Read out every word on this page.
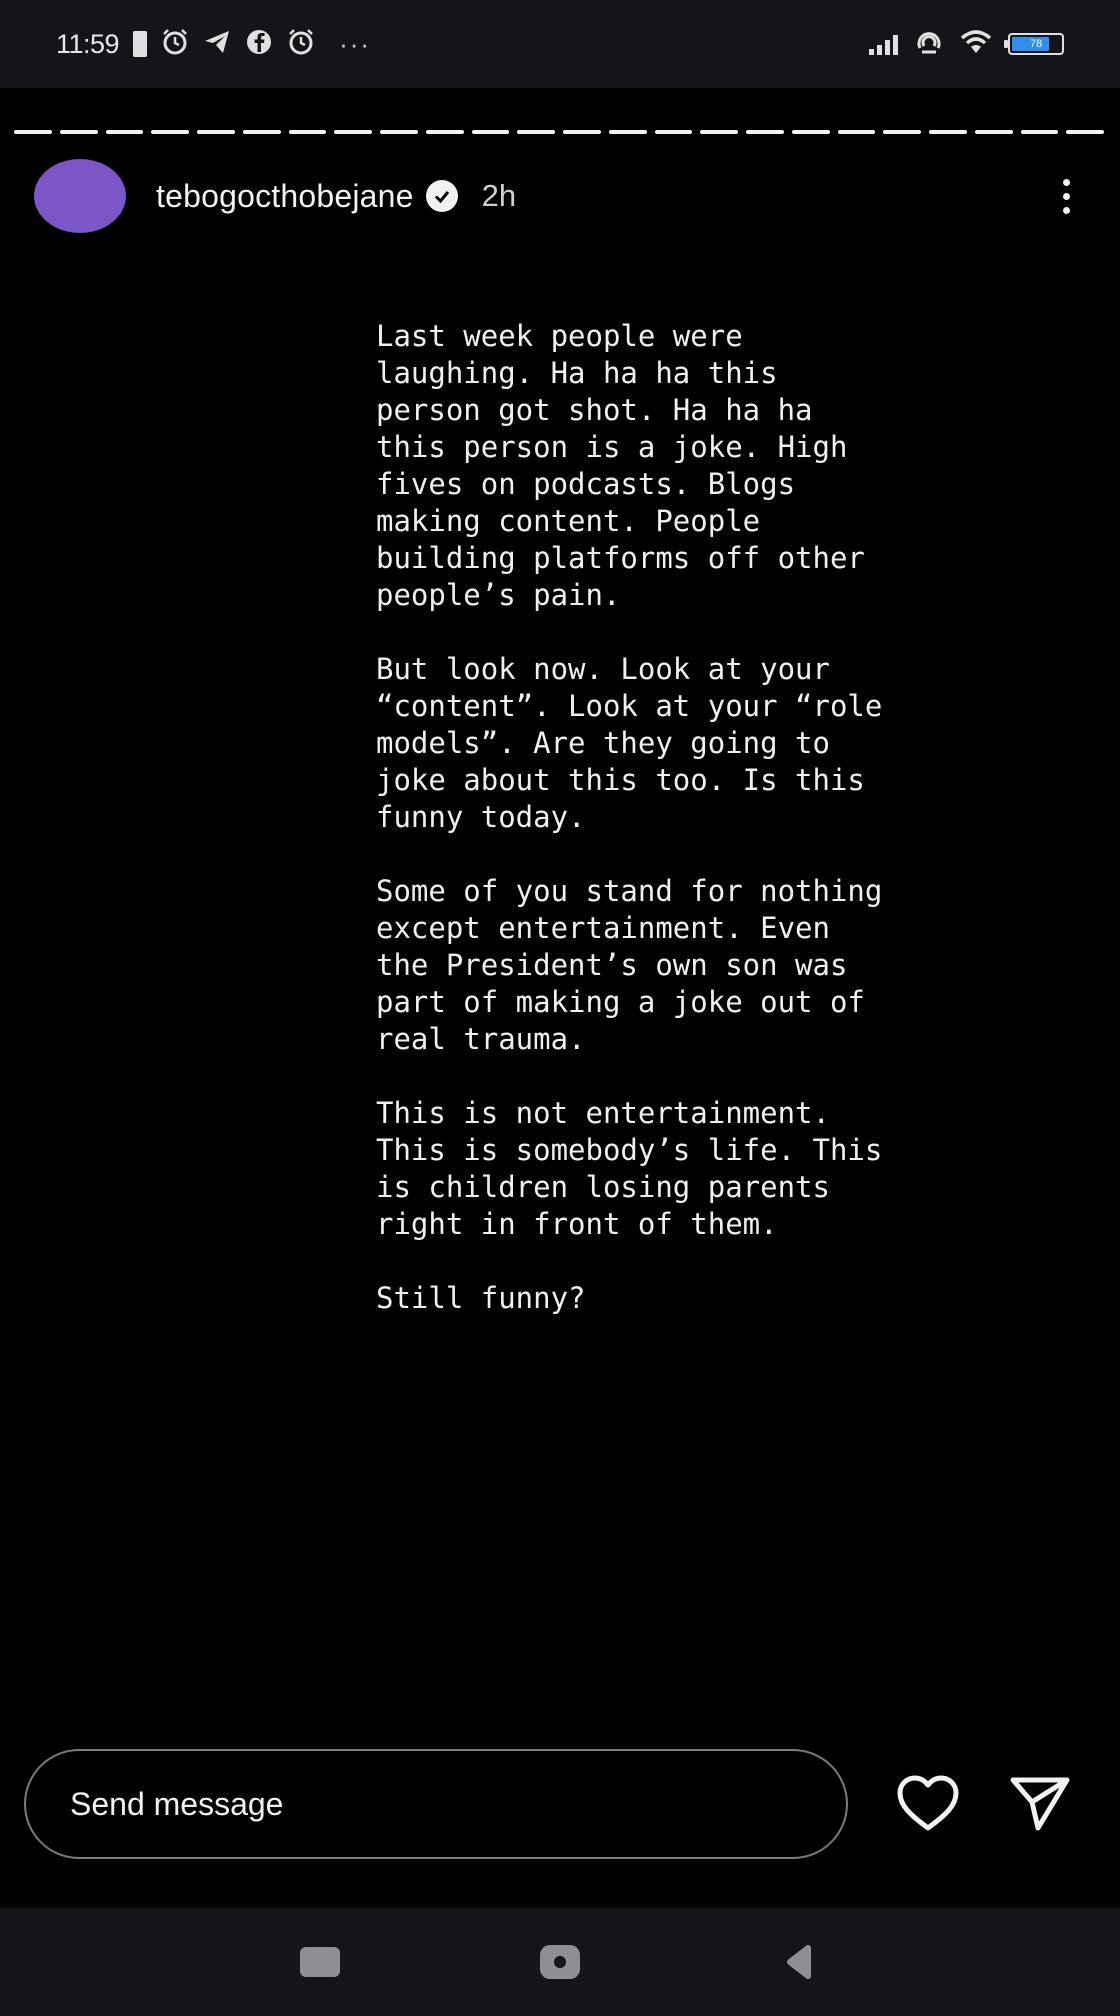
11:59	···	78
tebogocthobejane 2h

Last week people were laughing. Ha ha ha this person got shot. Ha ha ha this person is a joke. High fives on podcasts. Blogs making content. People building platforms off other people’s pain.

But look now. Look at your “content”. Look at your “role models”. Are they going to joke about this too. Is this funny today.

Some of you stand for nothing except entertainment. Even the President’s own son was part of making a joke out of real trauma.

This is not entertainment. This is somebody’s life. This is children losing parents right in front of them.

Still funny?

Send message
